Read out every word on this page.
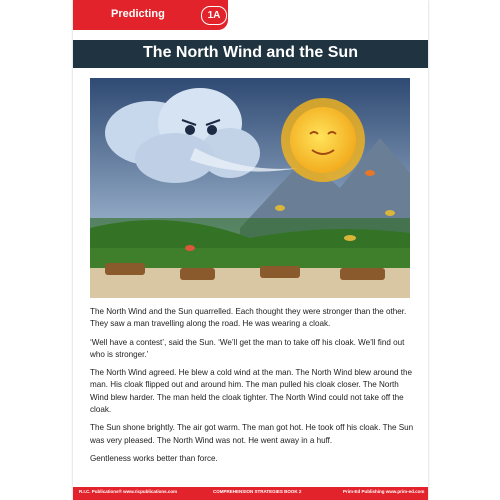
Predicting	1A
The North Wind and the Sun

The North Wind and the Sun quarrelled. Each thought they were stronger than the other. They saw a man travelling along the road. He was wearing a cloak.

‘Well have a contest’, said the Sun. ‘We’ll get the man to take off his cloak. We’ll find out who is stronger.’

The North Wind agreed. He blew a cold wind at the man. The North Wind blew around the man. His cloak flipped out and around him. The man pulled his cloak closer. The North Wind blew harder. The man held the cloak tighter. The North Wind could not take off the cloak.

The Sun shone brightly. The air got warm. The man got hot. He took off his cloak. The Sun was very pleased. The North Wind was not. He went away in a huff.

Gentleness works better than force.

R.I.C. Publications® www.ricpublications.com	COMPREHENSION STRATEGIES BOOK 2	Prim-Ed Publishing www.prim-ed.com
